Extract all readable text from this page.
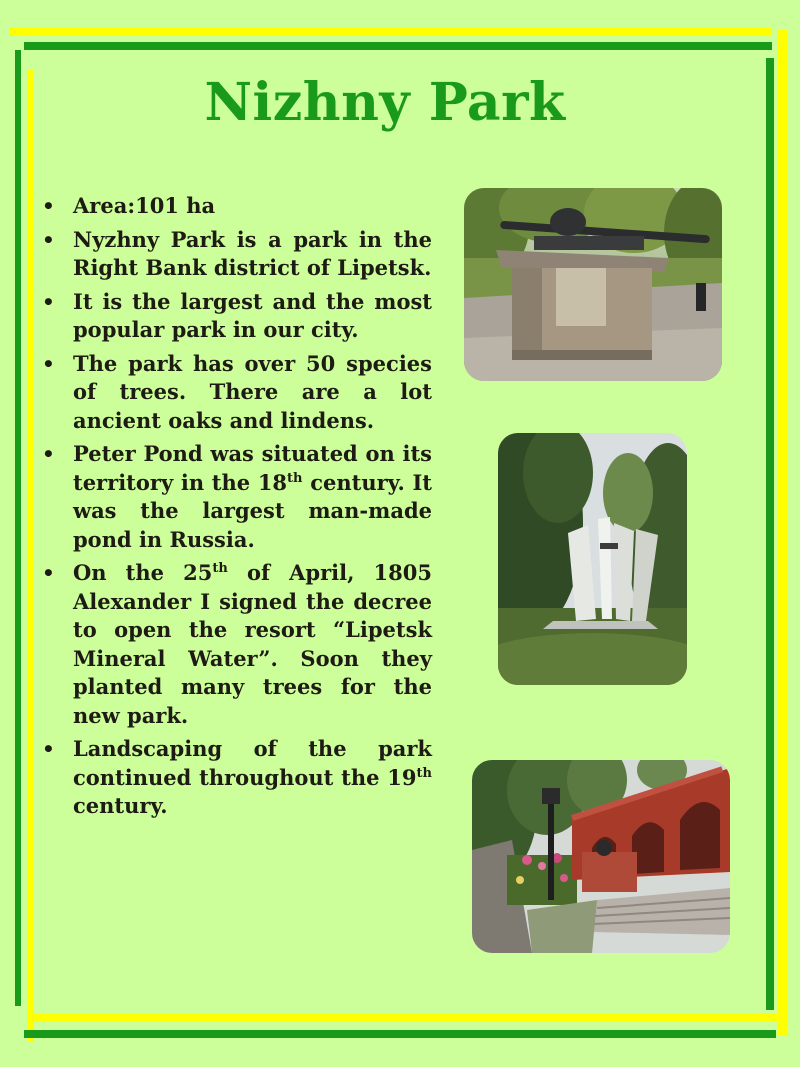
Nizhny Park
• Area:101 ha
• Nyzhny Park is a park in the Right Bank district of Lipetsk.
• It is the largest and the most popular park in our city.
• The park has over 50 species of trees. There are a lot ancient oaks and lindens.
• Peter Pond was situated on its territory in the 18th century. It was the largest man-made pond in Russia.
• On the 25th of April, 1805 Alexander I signed the decree to open the resort “Lipetsk Mineral Water”. Soon they planted many trees for the new park.
• Landscaping of the park continued throughout the 19th century.
